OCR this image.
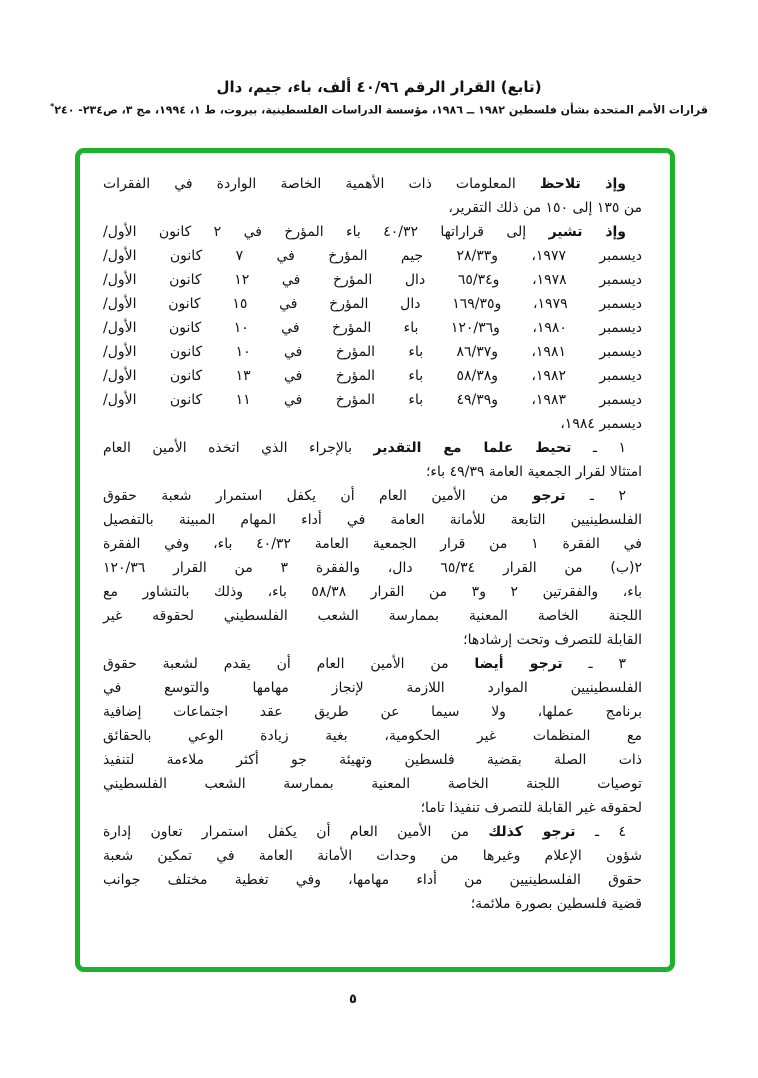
(تابع) القرار الرقم ٤٠/٩٦ ألف، باء، جيم، دال
قرارات الأمم المتحدة بشأن فلسطين ١٩٨٢ ــ ١٩٨٦، مؤسسة الدراسات الفلسطينية، بيروت، ط ١، ١٩٩٤، مج ٣، ص٢٣٤- ٢٤٠*
وإذ تلاحظ المعلومات ذات الأهمية الخاصة الواردة في الفقرات
من ١٣٥ إلى ١٥٠ من ذلك التقرير،
وإذ تشير إلى قراراتها ٤٠/٣٢ باء المؤرخ في ٢ كانون الأول/
ديسمبر ١٩٧٧، و٢٨/٣٣ جيم المؤرخ في ٧ كانون الأول/
ديسمبر ١٩٧٨، و٦٥/٣٤ دال المؤرخ في ١٢ كانون الأول/
ديسمبر ١٩٧٩، و١٦٩/٣٥ دال المؤرخ في ١٥ كانون الأول/
ديسمبر ١٩٨٠، و١٢٠/٣٦ باء المؤرخ في ١٠ كانون الأول/
ديسمبر ١٩٨١، و٨٦/٣٧ باء المؤرخ في ١٠ كانون الأول/
ديسمبر ١٩٨٢، و٥٨/٣٨ باء المؤرخ في ١٣ كانون الأول/
ديسمبر ١٩٨٣، و٤٩/٣٩ باء المؤرخ في ١١ كانون الأول/
ديسمبر ١٩٨٤،
١ ـ تحيط علما مع التقدير بالإجراء الذي اتخذه الأمين العام
امتثالا لقرار الجمعية العامة ٤٩/٣٩ باء؛
٢ ـ ترجو من الأمين العام أن يكفل استمرار شعبة حقوق
الفلسطينيين التابعة للأمانة العامة في أداء المهام المبينة بالتفصيل
في الفقرة ١ من قرار الجمعية العامة ٤٠/٣٢ باء، وفي الفقرة
٢(ب) من القرار ٦٥/٣٤ دال، والفقرة ٣ من القرار ١٢٠/٣٦
باء، والفقرتين ٢ و٣ من القرار ٥٨/٣٨ باء، وذلك بالتشاور مع
اللجنة الخاصة المعنية بممارسة الشعب الفلسطيني لحقوقه غير
القابلة للتصرف وتحت إرشادها؛
٣ ـ ترجو أيضا من الأمين العام أن يقدم لشعبة حقوق
الفلسطينيين الموارد اللازمة لإنجاز مهامها والتوسع في
برنامج عملها، ولا سيما عن طريق عقد اجتماعات إضافية
مع المنظمات غير الحكومية، بغية زيادة الوعي بالحقائق
ذات الصلة بقضية فلسطين وتهيئة جو أكثر ملاءمة لتنفيذ
توصيات اللجنة الخاصة المعنية بممارسة الشعب الفلسطيني
لحقوقه غير القابلة للتصرف تنفيذا تاما؛
٤ ـ ترجو كذلك من الأمين العام أن يكفل استمرار تعاون إدارة
شؤون الإعلام وغيرها من وحدات الأمانة العامة في تمكين شعبة
حقوق الفلسطينيين من أداء مهامها، وفي تغطية مختلف جوانب
قضية فلسطين بصورة ملائمة؛
٥
